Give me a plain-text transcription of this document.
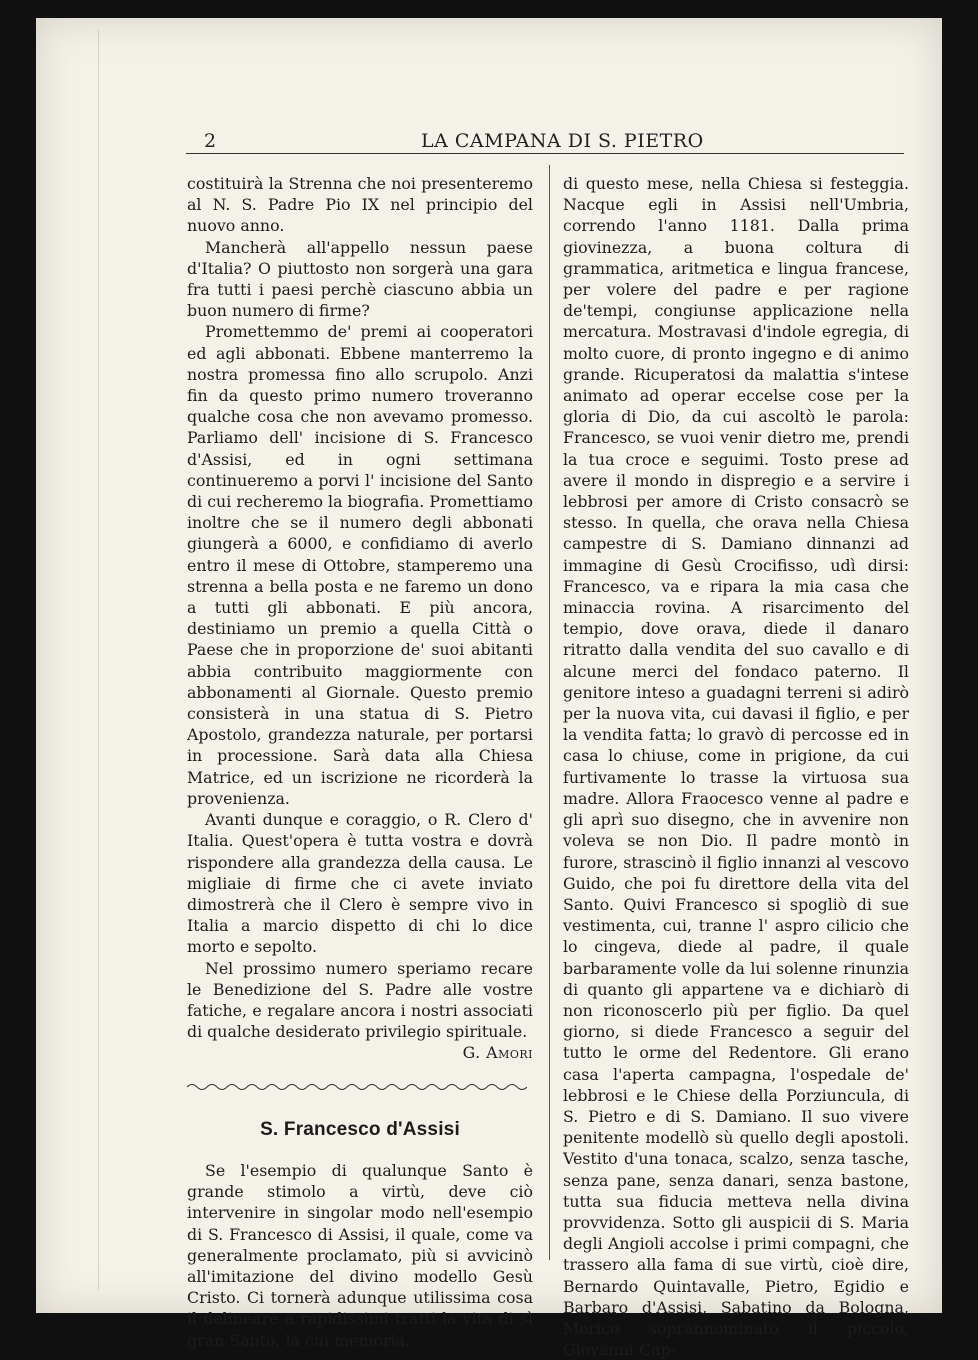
2	LA CAMPANA DI S. PIETRO

costituirà la Strenna che noi presenteremo al N. S. Padre Pio IX nel principio del nuovo anno.

Mancherà all'appello nessun paese d'Italia? O piuttosto non sorgerà una gara fra tutti i paesi perchè ciascuno abbia un buon numero di firme?

Promettemmo de' premi ai cooperatori ed agli abbonati. Ebbene manterremo la nostra promessa fino allo scrupolo. Anzi fin da questo primo numero troveranno qualche cosa che non avevamo promesso. Parliamo dell' incisione di S. Francesco d'Assisi, ed in ogni settimana continueremo a porvi l' incisione del Santo di cui recheremo la biografia. Promettiamo inoltre che se il numero degli abbonati giungerà a 6000, e confidiamo di averlo entro il mese di Ottobre, stamperemo una strenna a bella posta e ne faremo un dono a tutti gli abbonati. E più ancora, destiniamo un premio a quella Città o Paese che in proporzione de' suoi abitanti abbia contribuito maggiormente con abbonamenti al Giornale. Questo premio consisterà in una statua di S. Pietro Apostolo, grandezza naturale, per portarsi in processione. Sarà data alla Chiesa Matrice, ed un iscrizione ne ricorderà la provenienza.

Avanti dunque e coraggio, o R. Clero d' Italia. Quest'opera è tutta vostra e dovrà rispondere alla grandezza della causa. Le migliaie di firme che ci avete inviato dimostrerà che il Clero è sempre vivo in Italia a marcio dispetto di chi lo dice morto e sepolto.

Nel prossimo numero speriamo recare le Benedizione del S. Padre alle vostre fatiche, e regalare ancora i nostri associati di qualche desiderato privilegio spirituale.

G. Amori

S. Francesco d'Assisi

Se l'esempio di qualunque Santo è grande stimolo a virtù, deve ciò intervenire in singolar modo nell'esempio di S. Francesco di Assisi, il quale, come va generalmente proclamato, più si avvicinò all'imitazione del divino modello Gesù Cristo. Ci tornerà adunque utilissima cosa il delineare a rapidissimi tratti la vita di sì gran Santo, la cui memoria,

di questo mese, nella Chiesa si festeggia. Nacque egli in Assisi nell'Umbria, correndo l'anno 1181. Dalla prima giovinezza, a buona coltura di grammatica, aritmetica e lingua francese, per volere del padre e per ragione de'tempi, congiunse applicazione nella mercatura. Mostravasi d'indole egregia, di molto cuore, di pronto ingegno e di animo grande. Ricuperatosi da malattia s'intese animato ad operar eccelse cose per la gloria di Dio, da cui ascoltò le parola: Francesco, se vuoi venir dietro me, prendi la tua croce e seguimi. Tosto prese ad avere il mondo in dispregio e a servire i lebbrosi per amore di Cristo consacrò se stesso. In quella, che orava nella Chiesa campestre di S. Damiano dinnanzi ad immagine di Gesù Crocifisso, udì dirsi: Francesco, va e ripara la mia casa che minaccia rovina. A risarcimento del tempio, dove orava, diede il danaro ritratto dalla vendita del suo cavallo e di alcune merci del fondaco paterno. Il genitore inteso a guadagni terreni si adirò per la nuova vita, cui davasi il figlio, e per la vendita fatta; lo gravò di percosse ed in casa lo chiuse, come in prigione, da cui furtivamente lo trasse la virtuosa sua madre. Allora Fraocesco venne al padre e gli aprì suo disegno, che in avvenire non voleva se non Dio. Il padre montò in furore, strascinò il figlio innanzi al vescovo Guido, che poi fu direttore della vita del Santo. Quivi Francesco si spogliò di sue vestimenta, cui, tranne l' aspro cilicio che lo cingeva, diede al padre, il quale barbaramente volle da lui solenne rinunzia di quanto gli appartene va e dichiarò di non riconoscerlo più per figlio. Da quel giorno, si diede Francesco a seguir del tutto le orme del Redentore. Gli erano casa l'aperta campagna, l'ospedale de' lebbrosi e le Chiese della Porziuncula, di S. Pietro e di S. Damiano. Il suo vivere penitente modellò sù quello degli apostoli. Vestito d'una tonaca, scalzo, senza tasche, senza pane, senza danari, senza bastone, tutta sua fiducia metteva nella divina provvidenza. Sotto gli auspicii di S. Maria degli Angioli accolse i primi compagni, che trassero alla fama di sue virtù, cioè dire, Bernardo Quintavalle, Pietro, Egidio e Barbaro d'Assisi, Sabatino da Bologna, Morico soprannominato il piccolo, Giovanni Cap-
